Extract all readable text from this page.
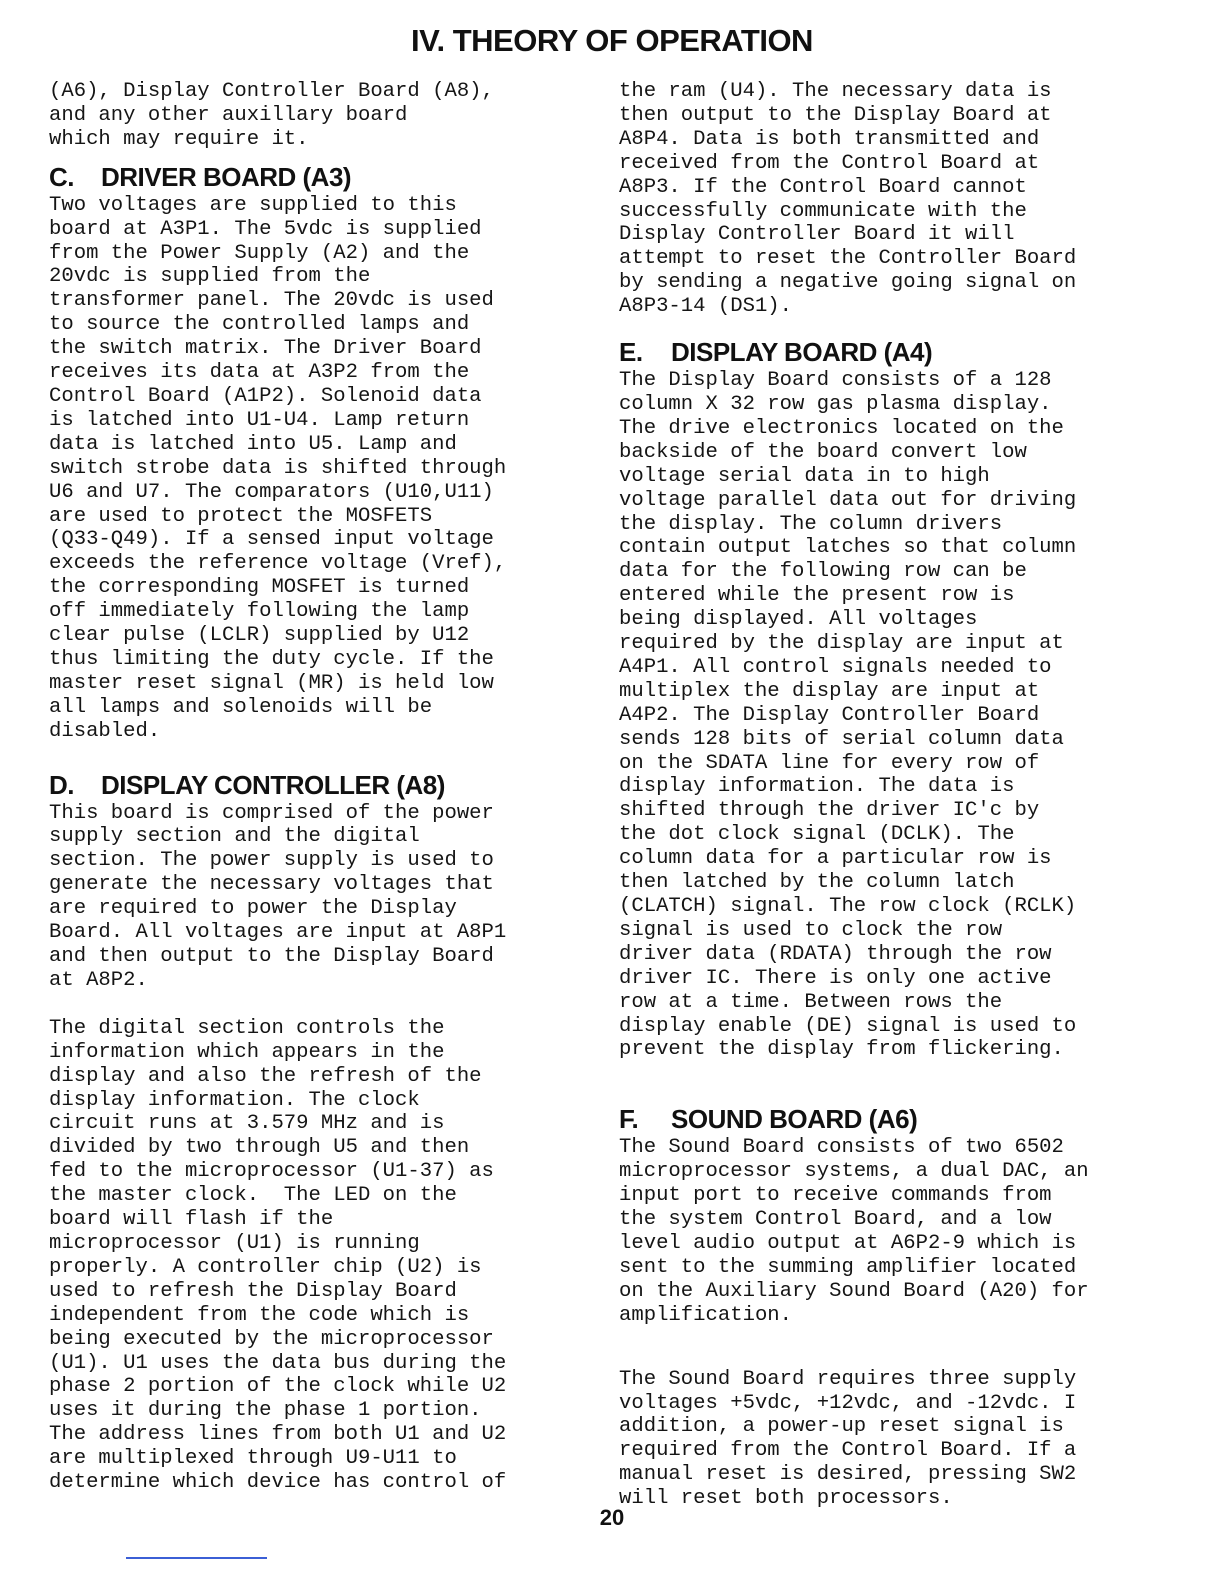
IV. THEORY OF OPERATION

(A6), Display Controller Board (A8),
and any other auxillary board
which may require it.

C. DRIVER BOARD (A3)

Two voltages are supplied to this
board at A3P1. The 5vdc is supplied
from the Power Supply (A2) and the
20vdc is supplied from the
transformer panel. The 20vdc is used
to source the controlled lamps and
the switch matrix. The Driver Board
receives its data at A3P2 from the
Control Board (A1P2). Solenoid data
is latched into U1-U4. Lamp return
data is latched into U5. Lamp and
switch strobe data is shifted through
U6 and U7. The comparators (U10,U11)
are used to protect the MOSFETS
(Q33-Q49). If a sensed input voltage
exceeds the reference voltage (Vref),
the corresponding MOSFET is turned
off immediately following the lamp
clear pulse (LCLR) supplied by U12
thus limiting the duty cycle. If the
master reset signal (MR) is held low
all lamps and solenoids will be
disabled.

D. DISPLAY CONTROLLER (A8)

This board is comprised of the power
supply section and the digital
section. The power supply is used to
generate the necessary voltages that
are required to power the Display
Board. All voltages are input at A8P1
and then output to the Display Board
at A8P2.

The digital section controls the
information which appears in the
display and also the refresh of the
display information. The clock
circuit runs at 3.579 MHz and is
divided by two through U5 and then
fed to the microprocessor (U1-37) as
the master clock.  The LED on the
board will flash if the
microprocessor (U1) is running
properly. A controller chip (U2) is
used to refresh the Display Board
independent from the code which is
being executed by the microprocessor
(U1). U1 uses the data bus during the
phase 2 portion of the clock while U2
uses it during the phase 1 portion.
The address lines from both U1 and U2
are multiplexed through U9-U11 to
determine which device has control of

the ram (U4). The necessary data is
then output to the Display Board at
A8P4. Data is both transmitted and
received from the Control Board at
A8P3. If the Control Board cannot
successfully communicate with the
Display Controller Board it will
attempt to reset the Controller Board
by sending a negative going signal on
A8P3-14 (DS1).

E. DISPLAY BOARD (A4)

The Display Board consists of a 128
column X 32 row gas plasma display.
The drive electronics located on the
backside of the board convert low
voltage serial data in to high
voltage parallel data out for driving
the display. The column drivers
contain output latches so that column
data for the following row can be
entered while the present row is
being displayed. All voltages
required by the display are input at
A4P1. All control signals needed to
multiplex the display are input at
A4P2. The Display Controller Board
sends 128 bits of serial column data
on the SDATA line for every row of
display information. The data is
shifted through the driver IC'c by
the dot clock signal (DCLK). The
column data for a particular row is
then latched by the column latch
(CLATCH) signal. The row clock (RCLK)
signal is used to clock the row
driver data (RDATA) through the row
driver IC. There is only one active
row at a time. Between rows the
display enable (DE) signal is used to
prevent the display from flickering.

F. SOUND BOARD (A6)

The Sound Board consists of two 6502
microprocessor systems, a dual DAC, an
input port to receive commands from
the system Control Board, and a low
level audio output at A6P2-9 which is
sent to the summing amplifier located
on the Auxiliary Sound Board (A20) for
amplification.

The Sound Board requires three supply
voltages +5vdc, +12vdc, and -12vdc. I
addition, a power-up reset signal is
required from the Control Board. If a
manual reset is desired, pressing SW2
will reset both processors.

20
